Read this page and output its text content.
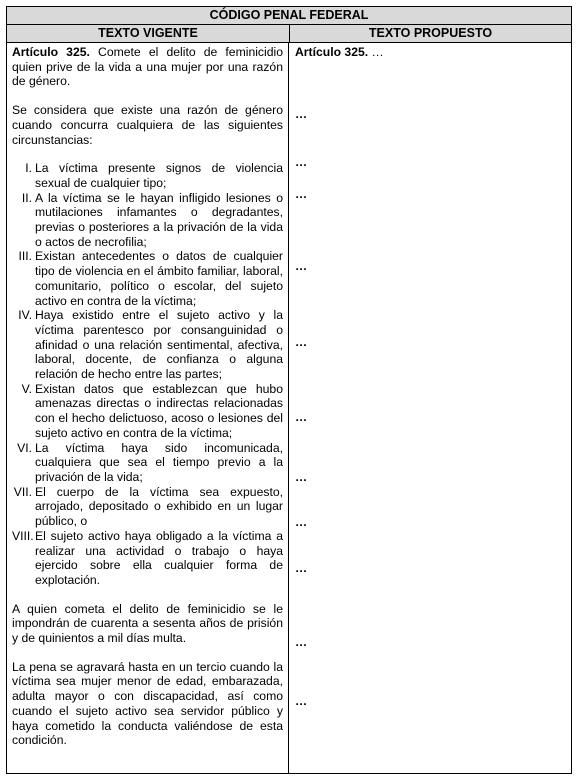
CÓDIGO PENAL FEDERAL
TEXTO VIGENTE	TEXTO PROPUESTO

Artículo 325. Comete el delito de feminicidio quien prive de la vida a una mujer por una razón de género.

Se considera que existe una razón de género cuando concurra cualquiera de las siguientes circunstancias:

I. La víctima presente signos de violencia sexual de cualquier tipo;
II. A la víctima se le hayan infligido lesiones o mutilaciones infamantes o degradantes, previas o posteriores a la privación de la vida o actos de necrofilia;
III. Existan antecedentes o datos de cualquier tipo de violencia en el ámbito familiar, laboral, comunitario, político o escolar, del sujeto activo en contra de la víctima;
IV. Haya existido entre el sujeto activo y la víctima parentesco por consanguinidad o afinidad o una relación sentimental, afectiva, laboral, docente, de confianza o alguna relación de hecho entre las partes;
V. Existan datos que establezcan que hubo amenazas directas o indirectas relacionadas con el hecho delictuoso, acoso o lesiones del sujeto activo en contra de la víctima;
VI. La víctima haya sido incomunicada, cualquiera que sea el tiempo previo a la privación de la vida;
VII. El cuerpo de la víctima sea expuesto, arrojado, depositado o exhibido en un lugar público, o
VIII. El sujeto activo haya obligado a la víctima a realizar una actividad o trabajo o haya ejercido sobre ella cualquier forma de explotación.

A quien cometa el delito de feminicidio se le impondrán de cuarenta a sesenta años de prisión y de quinientos a mil días multa.

La pena se agravará hasta en un tercio cuando la víctima sea mujer menor de edad, embarazada, adulta mayor o con discapacidad, así como cuando el sujeto activo sea servidor público y haya cometido la conducta valiéndose de esta condición.

Artículo 325. …
…
…
…
…
…
…
…
…
…
…
…
